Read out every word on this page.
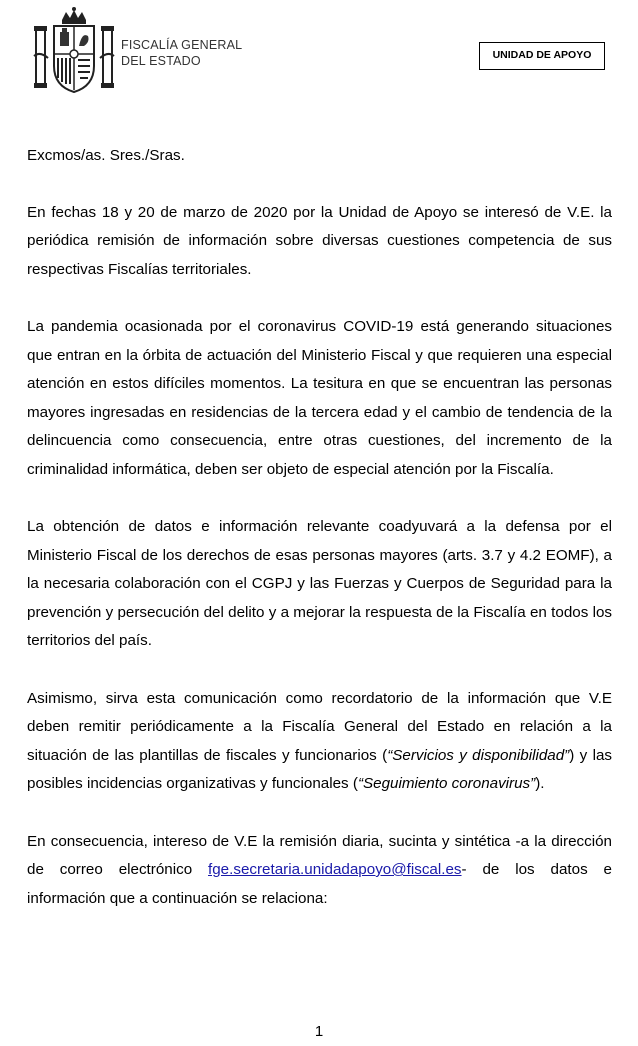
FISCALÍA GENERAL
DEL ESTADO	UNIDAD DE APOYO

Excmos/as. Sres./Sras.

En fechas 18 y 20 de marzo de 2020 por la Unidad de Apoyo se interesó de V.E. la periódica remisión de información sobre diversas cuestiones competencia de sus respectivas Fiscalías territoriales.

La pandemia ocasionada por el coronavirus COVID-19 está generando situaciones que entran en la órbita de actuación del Ministerio Fiscal y que requieren una especial atención en estos difíciles momentos. La tesitura en que se encuentran las personas mayores ingresadas en residencias de la tercera edad y el cambio de tendencia de la delincuencia como consecuencia, entre otras cuestiones, del incremento de la criminalidad informática, deben ser objeto de especial atención por la Fiscalía.

La obtención de datos e información relevante coadyuvará a la defensa por el Ministerio Fiscal de los derechos de esas personas mayores (arts. 3.7 y 4.2 EOMF), a la necesaria colaboración con el CGPJ y las Fuerzas y Cuerpos de Seguridad para la prevención y persecución del delito y a mejorar la respuesta de la Fiscalía en todos los territorios del país.

Asimismo, sirva esta comunicación como recordatorio de la información que V.E deben remitir periódicamente a la Fiscalía General del Estado en relación a la situación de las plantillas de fiscales y funcionarios (“Servicios y disponibilidad”) y las posibles incidencias organizativas y funcionales (“Seguimiento coronavirus”).

En consecuencia, intereso de V.E la remisión diaria, sucinta y sintética -a la dirección de correo electrónico fge.secretaria.unidadapoyo@fiscal.es- de los datos e información que a continuación se relaciona:

1
